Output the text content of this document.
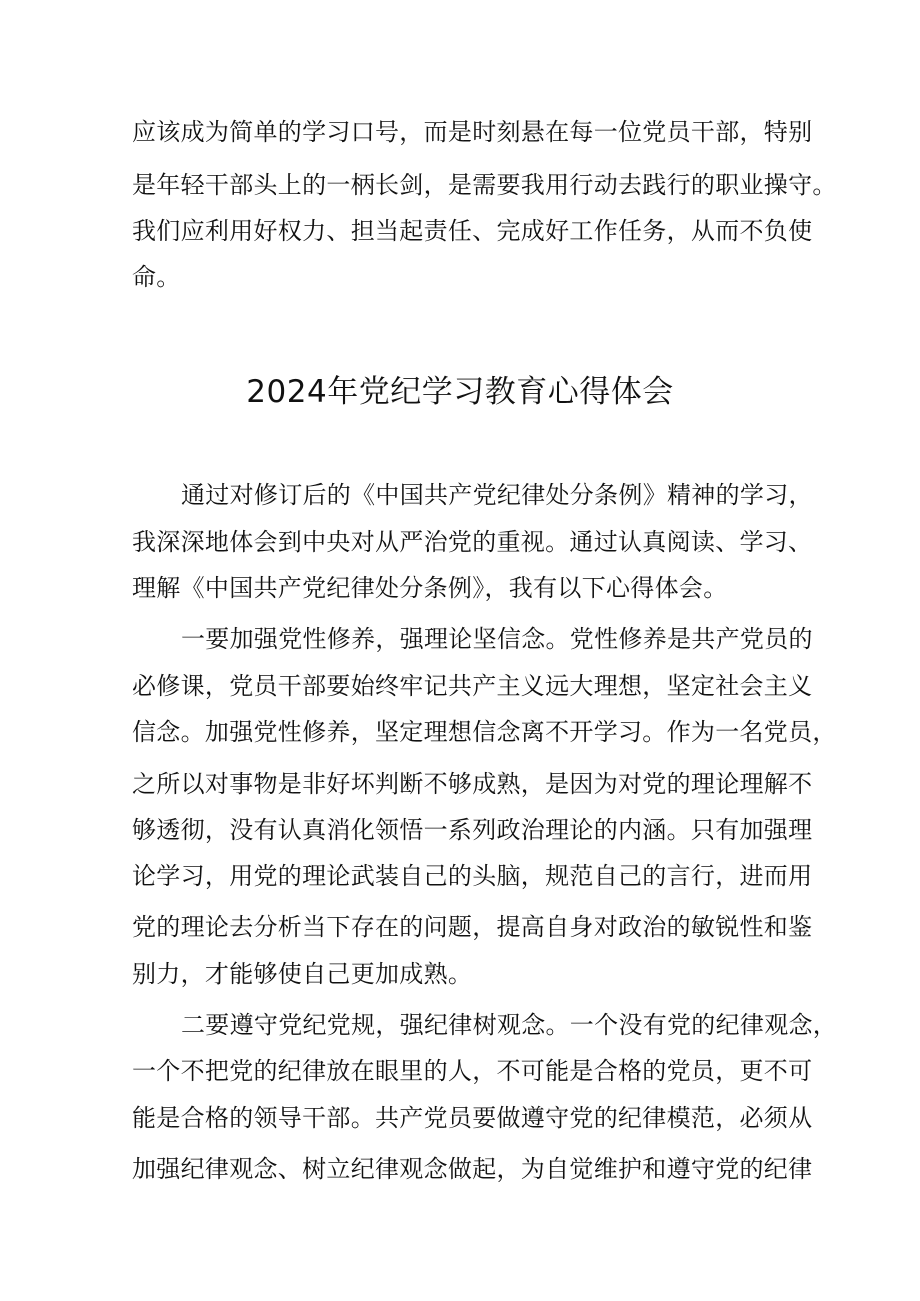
应该成为简单的学习口号，而是时刻悬在每一位党员干部，特别
是年轻干部头上的一柄长剑，是需要我用行动去践行的职业操守。
我们应利用好权力、担当起责任、完成好工作任务，从而不负使
命。
2024年党纪学习教育心得体会
通过对修订后的《中国共产党纪律处分条例》精神的学习，
我深深地体会到中央对从严治党的重视。通过认真阅读、学习、
理解《中国共产党纪律处分条例》，我有以下心得体会。
一要加强党性修养，强理论坚信念。党性修养是共产党员的
必修课，党员干部要始终牢记共产主义远大理想，坚定社会主义
信念。加强党性修养，坚定理想信念离不开学习。作为一名党员，
之所以对事物是非好坏判断不够成熟，是因为对党的理论理解不
够透彻，没有认真消化领悟一系列政治理论的内涵。只有加强理
论学习，用党的理论武装自己的头脑，规范自己的言行，进而用
党的理论去分析当下存在的问题，提高自身对政治的敏锐性和鉴
别力，才能够使自己更加成熟。
二要遵守党纪党规，强纪律树观念。一个没有党的纪律观念，
一个不把党的纪律放在眼里的人，不可能是合格的党员，更不可
能是合格的领导干部。共产党员要做遵守党的纪律模范，必须从
加强纪律观念、树立纪律观念做起，为自觉维护和遵守党的纪律
